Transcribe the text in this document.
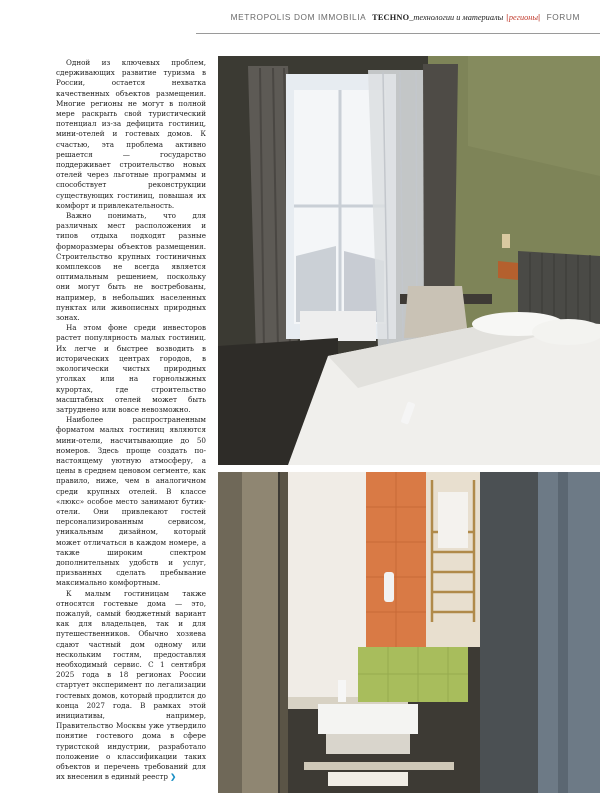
METROPOLIS DOM IMMOBILIA TECHNO_технологии и материалы |регионы| FORUM

Одной из ключевых проблем, сдерживающих развитие туризма в России, остается нехватка качественных объектов размещения. Многие регионы не могут в полной мере раскрыть свой туристический потенциал из-за дефицита гостиниц, мини-отелей и гостевых домов. К счастью, эта проблема активно решается — государство поддерживает строительство новых отелей через льготные программы и способствует реконструкции существующих гостиниц, повышая их комфорт и привлекательность.

Важно понимать, что для различных мест расположения и типов отдыха подходят разные форморазмеры объектов размещения. Строительство крупных гостиничных комплексов не всегда является оптимальным решением, поскольку они могут быть не востребованы, например, в небольших населенных пунктах или живописных природных зонах.

На этом фоне среди инвесторов растет популярность малых гостиниц. Их легче и быстрее возводить в исторических центрах городов, в экологически чистых природных уголках или на горнолыжных курортах, где строительство масштабных отелей может быть затруднено или вовсе невозможно.

Наиболее распространенным форматом малых гостиниц являются мини-отели, насчитывающие до 50 номеров. Здесь проще создать по-настоящему уютную атмосферу, а цены в среднем ценовом сегменте, как правило, ниже, чем в аналогичном среди крупных отелей. В классе «люкс» особое место занимают бутик-отели. Они привлекают гостей персонализированным сервисом, уникальным дизайном, который может отличаться в каждом номере, а также широким спектром дополнительных удобств и услуг, призванных сделать пребывание максимально комфортным.

К малым гостиницам также относятся гостевые дома — это, пожалуй, самый бюджетный вариант как для владельцев, так и для путешественников. Обычно хозяева сдают частный дом одному или нескольким гостям, предоставляя необходимый сервис. С 1 сентября 2025 года в 18 регионах России стартует эксперимент по легализации гостевых домов, который продлится до конца 2027 года. В рамках этой инициативы, например, Правительство Москвы уже утвердило понятие гостевого дома в сфере туристской индустрии, разработало положение о классификации таких объектов и перечень требований для их внесения в единый реестр ❯
